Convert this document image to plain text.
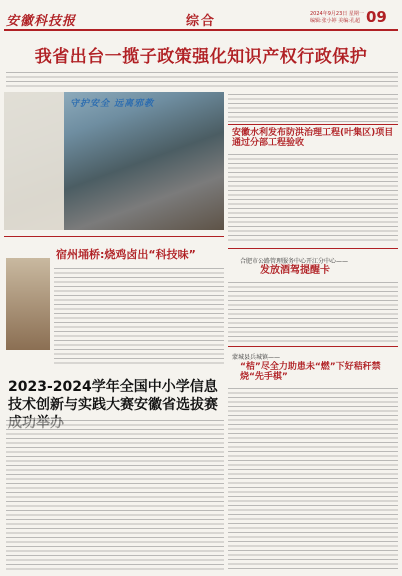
安徽科技报	综合	2024年9月23日 星期一
编辑:张小婷 美编:孔超 09
我省出台一揽子政策强化知识产权行政保护
守护安全 远离邪教
安徽水利发布防洪治理工程(叶集区)项目通过分部工程验收
合肥市公路管理服务中心开江分中心——
发放酒驾提醒卡
蒙城县兵城镇——
“桔”尽全力助患未“燃”下好秸秆禁烧“先手棋”
宿州埇桥:烧鸡卤出“科技味”
2023-2024学年全国中小学信息技术创新与实践大赛安徽省选拔赛
